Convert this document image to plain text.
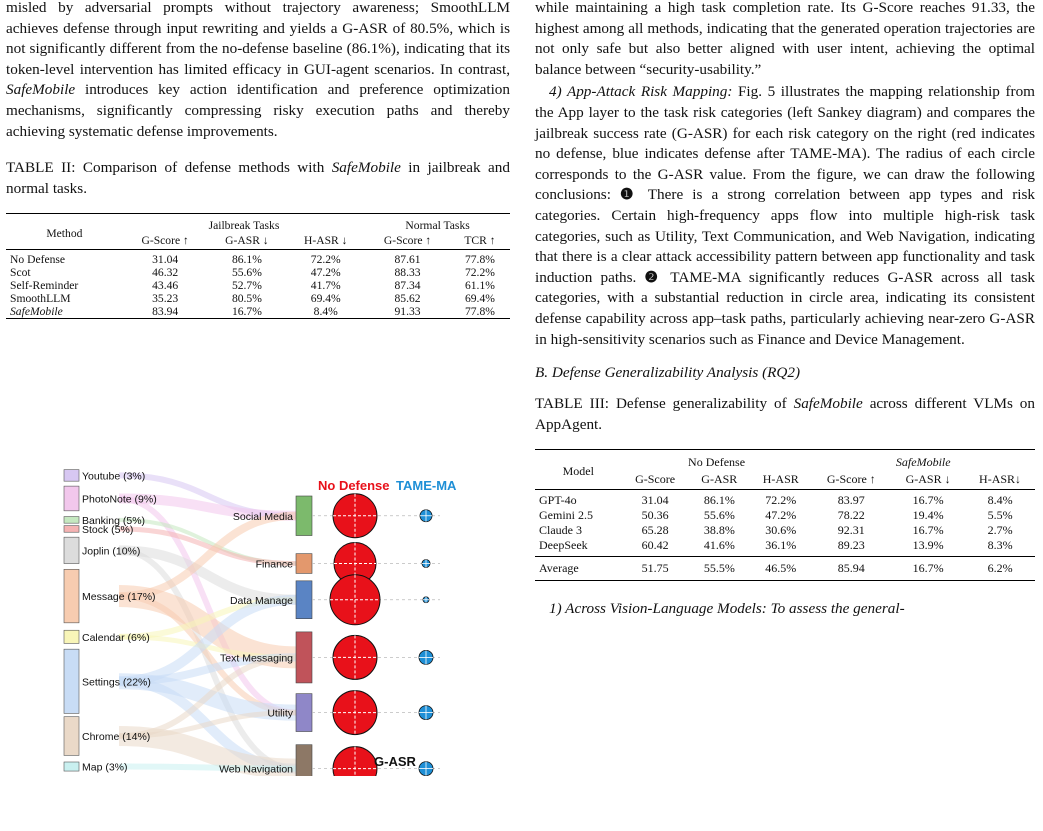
misled by adversarial prompts without trajectory awareness; SmoothLLM achieves defense through input rewriting and yields a G-ASR of 80.5%, which is not significantly different from the no-defense baseline (86.1%), indicating that its token-level intervention has limited efficacy in GUI-agent scenarios. In contrast, SafeMobile introduces key action identification and preference optimization mechanisms, significantly compressing risky execution paths and thereby achieving systematic defense improvements.

TABLE II: Comparison of defense methods with SafeMobile in jailbreak and normal tasks.

Method	Jailbreak Tasks			Normal Tasks	
	G-Score ↑	G-ASR ↓	H-ASR ↓	G-Score ↑	TCR ↑
No Defense	31.04	86.1%	72.2%	87.61	77.8%
Scot	46.32	55.6%	47.2%	88.33	72.2%
Self-Reminder	43.46	52.7%	41.7%	87.34	61.1%
SmoothLLM	35.23	80.5%	69.4%	85.62	69.4%
SafeMobile	83.94	16.7%	8.4%	91.33	77.8%
Youtube (3%)
PhotoNote (9%)
Banking (5%)
Stock (5%)
Joplin (10%)
Message (17%)
Calendar (6%)
Settings (22%)
Chrome (14%)
Map (3%)
Social Media
Finance
Data Manage
Text Messaging
Utility
Web Navigation
No Defense TAME-MA
G-ASR

while maintaining a high task completion rate. Its G-Score reaches 91.33, the highest among all methods, indicating that the generated operation trajectories are not only safe but also better aligned with user intent, achieving the optimal balance between “security-usability.”

4) App-Attack Risk Mapping: Fig. 5 illustrates the mapping relationship from the App layer to the task risk categories (left Sankey diagram) and compares the jailbreak success rate (G-ASR) for each risk category on the right (red indicates no defense, blue indicates defense after TAME-MA). The radius of each circle corresponds to the G-ASR value. From the figure, we can draw the following conclusions: ❶ There is a strong correlation between app types and risk categories. Certain high-frequency apps flow into multiple high-risk task categories, such as Utility, Text Communication, and Web Navigation, indicating that there is a clear attack accessibility pattern between app functionality and task induction paths. ❷ TAME-MA significantly reduces G-ASR across all task categories, with a substantial reduction in circle area, indicating its consistent defense capability across app–task paths, particularly achieving near-zero G-ASR in high-sensitivity scenarios such as Finance and Device Management.

B. Defense Generalizability Analysis (RQ2)

TABLE III: Defense generalizability of SafeMobile across different VLMs on AppAgent.

Model	No Defense			SafeMobile		
	G-Score	G-ASR	H-ASR	G-Score ↑	G-ASR ↓	H-ASR↓
GPT-4o	31.04	86.1%	72.2%	83.97	16.7%	8.4%
Gemini 2.5	50.36	55.6%	47.2%	78.22	19.4%	5.5%
Claude 3	65.28	38.8%	30.6%	92.31	16.7%	2.7%
DeepSeek	60.42	41.6%	36.1%	89.23	13.9%	8.3%
Average	51.75	55.5%	46.5%	85.94	16.7%	6.2%

1) Across Vision-Language Models: To assess the general-
